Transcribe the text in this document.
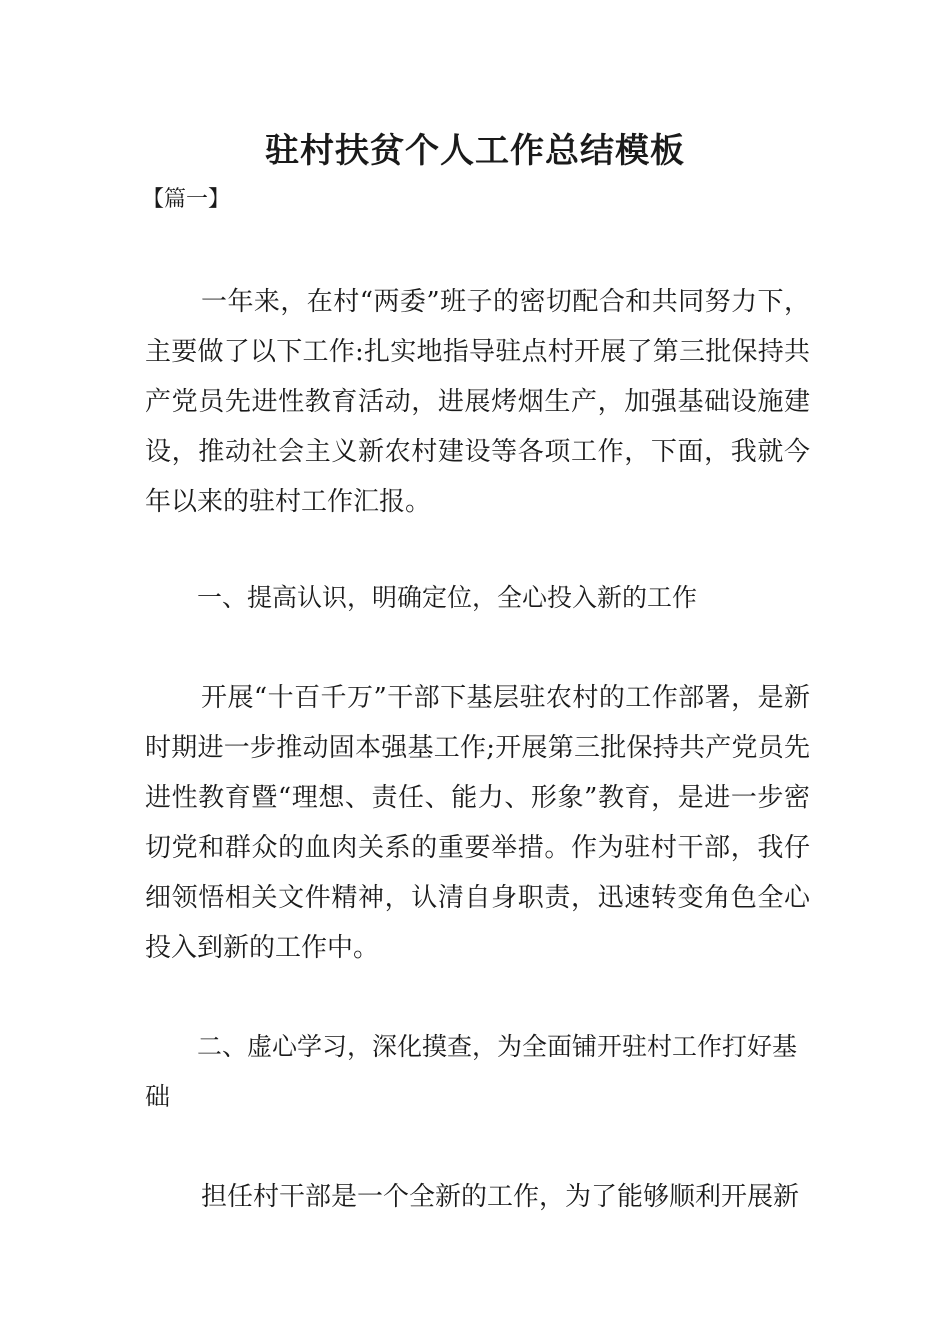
驻村扶贫个人工作总结模板
【篇一】

一年来，在村“两委”班子的密切配合和共同努力下，主要做了以下工作:扎实地指导驻点村开展了第三批保持共产党员先进性教育活动，进展烤烟生产，加强基础设施建设，推动社会主义新农村建设等各项工作，下面，我就今年以来的驻村工作汇报。

一、提高认识，明确定位，全心投入新的工作

开展“十百千万”干部下基层驻农村的工作部署，是新时期进一步推动固本强基工作;开展第三批保持共产党员先进性教育暨“理想、责任、能力、形象”教育，是进一步密切党和群众的血肉关系的重要举措。作为驻村干部，我仔细领悟相关文件精神，认清自身职责，迅速转变角色全心投入到新的工作中。

二、虚心学习，深化摸查，为全面铺开驻村工作打好基础

担任村干部是一个全新的工作，为了能够顺利开展新
